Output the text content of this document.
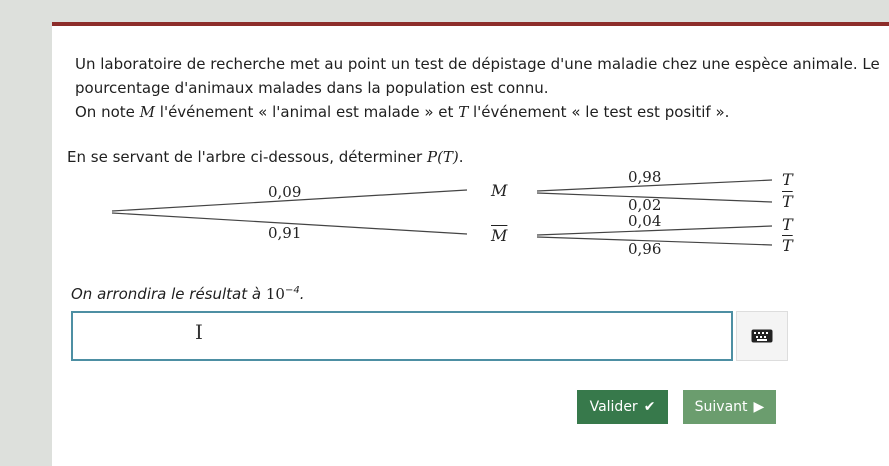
Un laboratoire de recherche met au point un test de dépistage d'une maladie chez une espèce animale. Le
pourcentage d'animaux malades dans la population est connu.
On note M l'événement « l'animal est malade » et T l'événement « le test est positif ».
En se servant de l'arbre ci-dessous, déterminer P(T).
0,09
0,91
M
$\overline{M}$
0,98
0,02
0,04
0,96
T
$\overline{T}$
T
$\overline{T}$
On arrondira le résultat à $10^{-4}$.
I
Valider ✔	Suivant ▶
